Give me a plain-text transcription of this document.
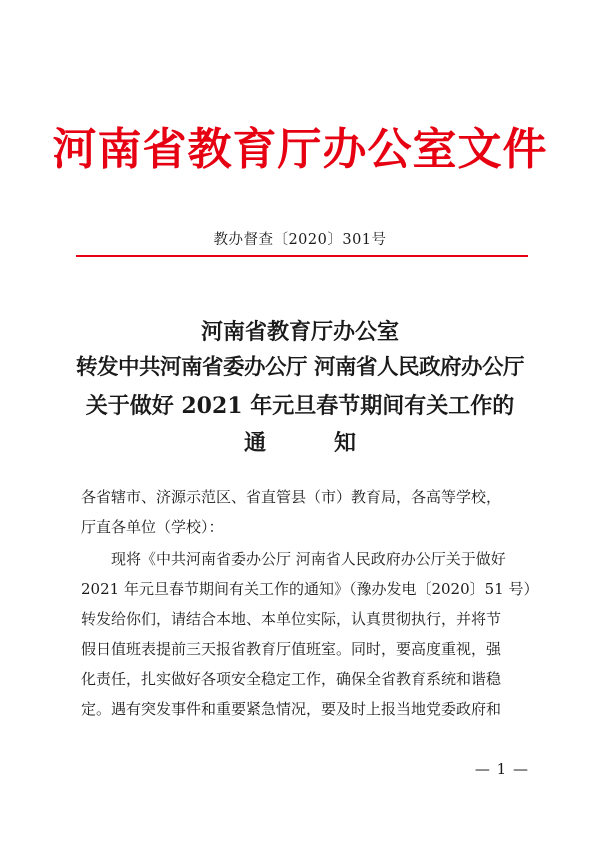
河南省教育厅办公室文件
教办督查〔2020〕301号
河南省教育厅办公室
转发中共河南省委办公厅 河南省人民政府办公厅
关于做好 2021 年元旦春节期间有关工作的
通知
各省辖市、济源示范区、省直管县（市）教育局，各高等学校，
厅直各单位（学校）：
　　现将《中共河南省委办公厅 河南省人民政府办公厅关于做好
2021 年元旦春节期间有关工作的通知》（豫办发电〔2020〕51 号）
转发给你们，请结合本地、本单位实际，认真贯彻执行，并将节
假日值班表提前三天报省教育厅值班室。同时，要高度重视，强
化责任，扎实做好各项安全稳定工作，确保全省教育系统和谐稳
定。遇有突发事件和重要紧急情况，要及时上报当地党委政府和
— 1 —
